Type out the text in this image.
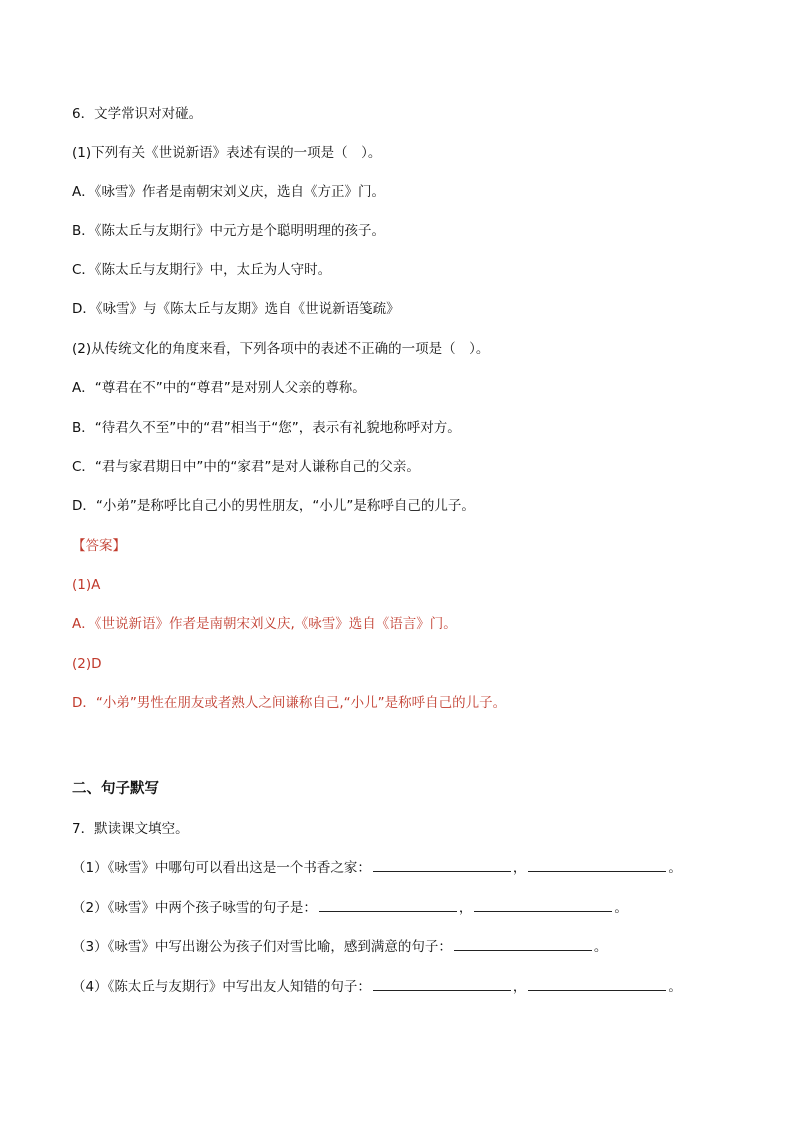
6．文学常识对对碰。

(1)下列有关《世说新语》表述有误的一项是（　）。

A．《咏雪》作者是南朝宋刘义庆，选自《方正》门。

B．《陈太丘与友期行》中元方是个聪明明理的孩子。

C．《陈太丘与友期行》中，太丘为人守时。

D．《咏雪》与《陈太丘与友期》选自《世说新语笺疏》

(2)从传统文化的角度来看，下列各项中的表述不正确的一项是（　）。

A．“尊君在不”中的“尊君”是对别人父亲的尊称。

B．“待君久不至”中的“君”相当于“您”，表示有礼貌地称呼对方。

C．“君与家君期日中”中的“家君”是对人谦称自己的父亲。

D．“小弟”是称呼比自己小的男性朋友，“小儿”是称呼自己的儿子。

【答案】

(1)A

A．《世说新语》作者是南朝宋刘义庆,《咏雪》选自《语言》门。

(2)D

D．“小弟”男性在朋友或者熟人之间谦称自己,“小儿”是称呼自己的儿子。

二、句子默写

7．默读课文填空。

（1）《咏雪》中哪句可以看出这是一个书香之家：	，	。

（2）《咏雪》中两个孩子咏雪的句子是：	，	。

（3）《咏雪》中写出谢公为孩子们对雪比喻，感到满意的句子：	。

（4）《陈太丘与友期行》中写出友人知错的句子：	，	。
